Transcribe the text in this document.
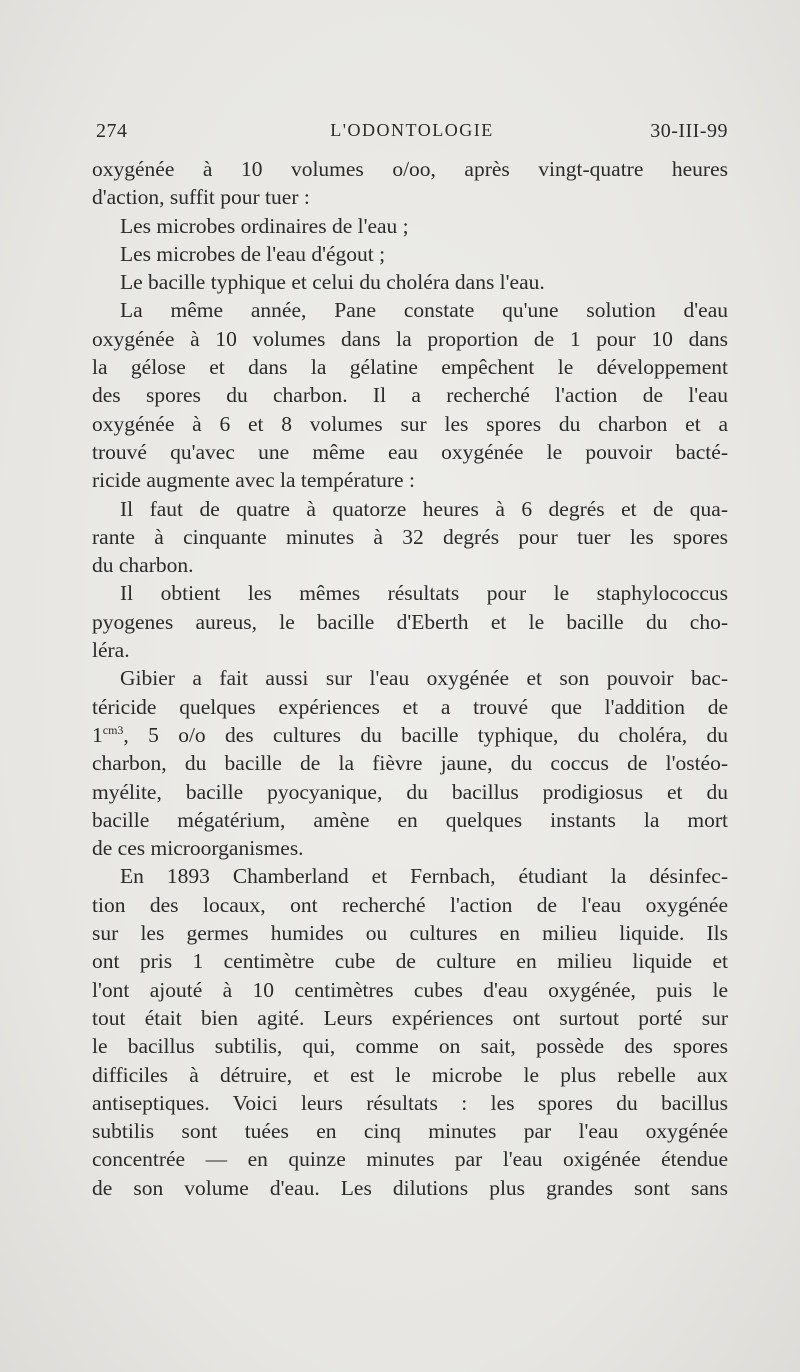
274	L'ODONTOLOGIE	30-III-99
oxygénée à 10 volumes o/oo, après vingt-quatre heures
d'action, suffit pour tuer :
Les microbes ordinaires de l'eau ;
Les microbes de l'eau d'égout ;
Le bacille typhique et celui du choléra dans l'eau.
La même année, Pane constate qu'une solution d'eau
oxygénée à 10 volumes dans la proportion de 1 pour 10 dans
la gélose et dans la gélatine empêchent le développement
des spores du charbon. Il a recherché l'action de l'eau
oxygénée à 6 et 8 volumes sur les spores du charbon et a
trouvé qu'avec une même eau oxygénée le pouvoir bacté-
ricide augmente avec la température :
Il faut de quatre à quatorze heures à 6 degrés et de qua-
rante à cinquante minutes à 32 degrés pour tuer les spores
du charbon.
Il obtient les mêmes résultats pour le staphylococcus
pyogenes aureus, le bacille d'Eberth et le bacille du cho-
léra.
Gibier a fait aussi sur l'eau oxygénée et son pouvoir bac-
téricide quelques expériences et a trouvé que l'addition de
$1^{cm3}$, 5 o/o des cultures du bacille typhique, du choléra, du
charbon, du bacille de la fièvre jaune, du coccus de l'ostéo-
myélite, bacille pyocyanique, du bacillus prodigiosus et du
bacille mégatérium, amène en quelques instants la mort
de ces microorganismes.
En 1893 Chamberland et Fernbach, étudiant la désinfec-
tion des locaux, ont recherché l'action de l'eau oxygénée
sur les germes humides ou cultures en milieu liquide. Ils
ont pris 1 centimètre cube de culture en milieu liquide et
l'ont ajouté à 10 centimètres cubes d'eau oxygénée, puis le
tout était bien agité. Leurs expériences ont surtout porté sur
le bacillus subtilis, qui, comme on sait, possède des spores
difficiles à détruire, et est le microbe le plus rebelle aux
antiseptiques. Voici leurs résultats : les spores du bacillus
subtilis sont tuées en cinq minutes par l'eau oxygénée
concentrée — en quinze minutes par l'eau oxigénée étendue
de son volume d'eau. Les dilutions plus grandes sont sans
